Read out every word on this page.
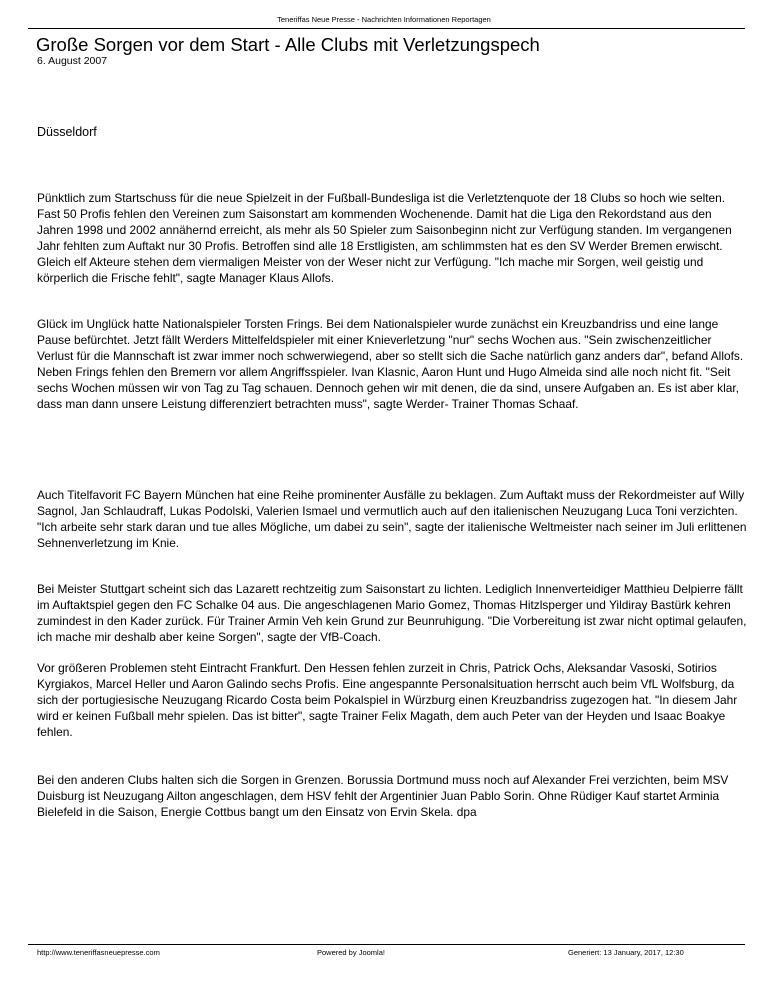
Teneriffas Neue Presse - Nachrichten Informationen Reportagen
Große Sorgen vor dem Start - Alle Clubs mit Verletzungspech
6. August 2007
Düsseldorf

Pünktlich zum Startschuss für die neue Spielzeit in der Fußball-Bundesliga ist die Verletztenquote der 18 Clubs so hoch wie selten. Fast 50 Profis fehlen den Vereinen zum Saisonstart am kommenden Wochenende. Damit hat die Liga den Rekordstand aus den Jahren 1998 und 2002 annähernd erreicht, als mehr als 50 Spieler zum Saisonbeginn nicht zur Verfügung standen. Im vergangenen Jahr fehlten zum Auftakt nur 30 Profis. Betroffen sind alle 18 Erstligisten, am schlimmsten hat es den SV Werder Bremen erwischt. Gleich elf Akteure stehen dem viermaligen Meister von der Weser nicht zur Verfügung. "Ich mache mir Sorgen, weil geistig und körperlich die Frische fehlt", sagte Manager Klaus Allofs.

Glück im Unglück hatte Nationalspieler Torsten Frings. Bei dem Nationalspieler wurde zunächst ein Kreuzbandriss und eine lange Pause befürchtet. Jetzt fällt Werders Mittelfeldspieler mit einer Knieverletzung "nur" sechs Wochen aus. "Sein zwischenzeitlicher Verlust für die Mannschaft ist zwar immer noch schwerwiegend, aber so stellt sich die Sache natürlich ganz anders dar", befand Allofs. Neben Frings fehlen den Bremern vor allem Angriffsspieler. Ivan Klasnic, Aaron Hunt und Hugo Almeida sind alle noch nicht fit. "Seit sechs Wochen müssen wir von Tag zu Tag schauen. Dennoch gehen wir mit denen, die da sind, unsere Aufgaben an. Es ist aber klar, dass man dann unsere Leistung differenziert betrachten muss", sagte Werder- Trainer Thomas Schaaf.

Auch Titelfavorit FC Bayern München hat eine Reihe prominenter Ausfälle zu beklagen. Zum Auftakt muss der Rekordmeister auf Willy Sagnol, Jan Schlaudraff, Lukas Podolski, Valerien Ismael und vermutlich auch auf den italienischen Neuzugang Luca Toni verzichten. "Ich arbeite sehr stark daran und tue alles Mögliche, um dabei zu sein", sagte der italienische Weltmeister nach seiner im Juli erlittenen Sehnenverletzung im Knie.

Bei Meister Stuttgart scheint sich das Lazarett rechtzeitig zum Saisonstart zu lichten. Lediglich Innenverteidiger Matthieu Delpierre fällt im Auftaktspiel gegen den FC Schalke 04 aus. Die angeschlagenen Mario Gomez, Thomas Hitzlsperger und Yildiray Bastürk kehren zumindest in den Kader zurück. Für Trainer Armin Veh kein Grund zur Beunruhigung. "Die Vorbereitung ist zwar nicht optimal gelaufen, ich mache mir deshalb aber keine Sorgen", sagte der VfB-Coach.

Vor größeren Problemen steht Eintracht Frankfurt. Den Hessen fehlen zurzeit in Chris, Patrick Ochs, Aleksandar Vasoski, Sotirios Kyrgiakos, Marcel Heller und Aaron Galindo sechs Profis. Eine angespannte Personalsituation herrscht auch beim VfL Wolfsburg, da sich der portugiesische Neuzugang Ricardo Costa beim Pokalspiel in Würzburg einen Kreuzbandriss zugezogen hat. "In diesem Jahr wird er keinen Fußball mehr spielen. Das ist bitter", sagte Trainer Felix Magath, dem auch Peter van der Heyden und Isaac Boakye fehlen.

Bei den anderen Clubs halten sich die Sorgen in Grenzen. Borussia Dortmund muss noch auf Alexander Frei verzichten, beim MSV Duisburg ist Neuzugang Ailton angeschlagen, dem HSV fehlt der Argentinier Juan Pablo Sorin. Ohne Rüdiger Kauf startet Arminia Bielefeld in die Saison, Energie Cottbus bangt um den Einsatz von Ervin Skela. dpa

http://www.teneriffasneuepresse.com	Powered by Joomla!	Generiert: 13 January, 2017, 12:30
